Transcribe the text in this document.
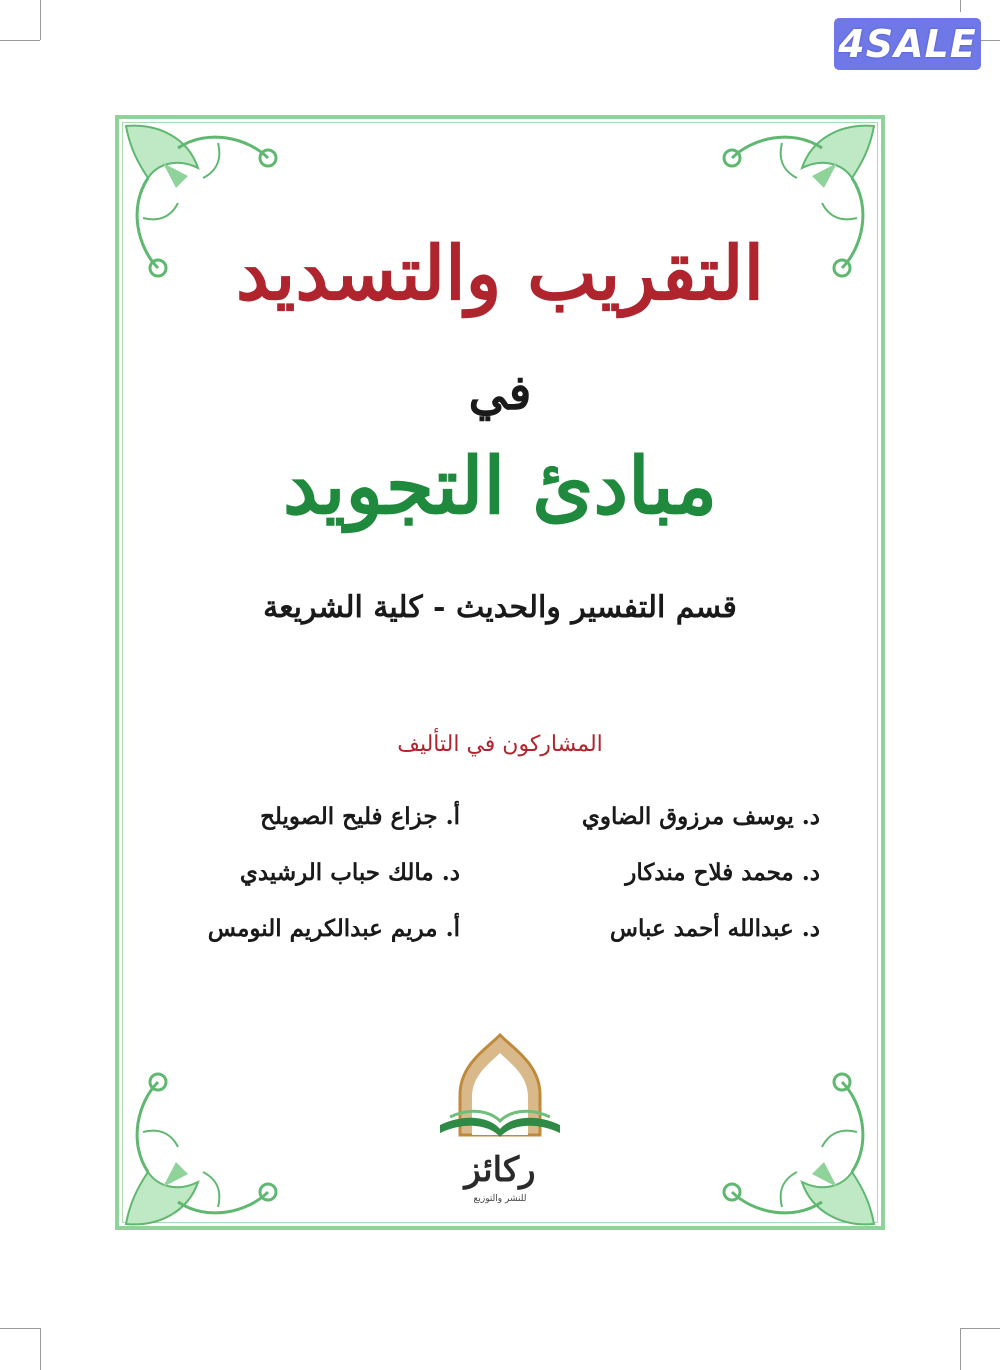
4SALE
التقريب والتسديد
في
مبادئ التجويد
قسم التفسير والحديث - كلية الشريعة
المشاركون في التأليف
د. يوسف مرزوق الضاوي
د. محمد فلاح مندكار
د. عبدالله أحمد عباس
أ. جزاع فليح الصويلح
د. مالك حباب الرشيدي
أ. مريم عبدالكريم النومس
ركائز
للنشر والتوزيع
